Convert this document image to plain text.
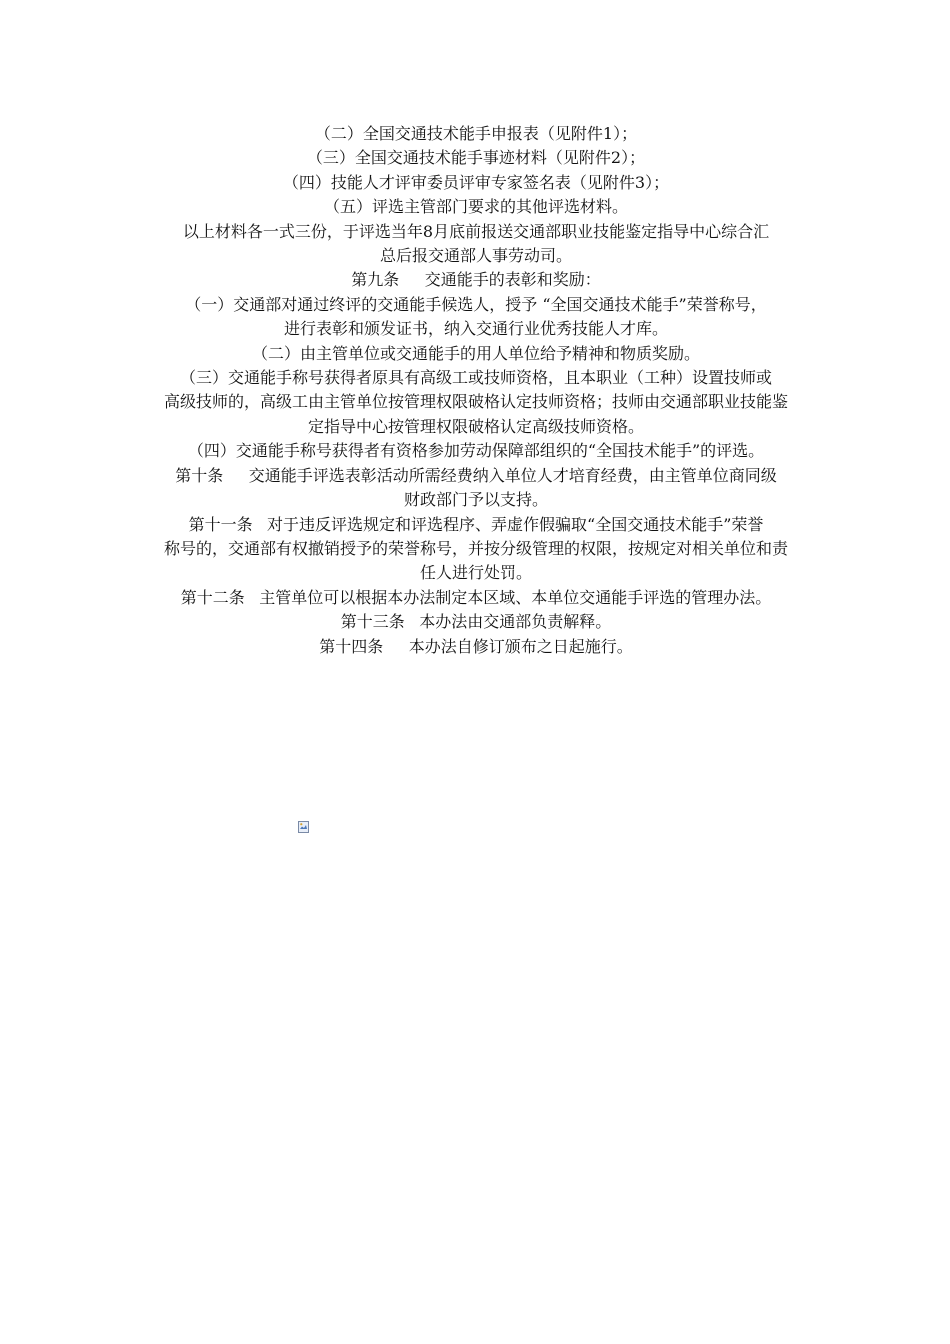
（二）全国交通技术能手申报表（见附件1）；

（三）全国交通技术能手事迹材料（见附件2）；

（四）技能人才评审委员评审专家签名表（见附件3）；

（五）评选主管部门要求的其他评选材料。

以上材料各一式三份，于评选当年8月底前报送交通部职业技能鉴定指导中心综合汇

总后报交通部人事劳动司。

第九条 交通能手的表彰和奖励：

（一）交通部对通过终评的交通能手候选人，授予 “全国交通技术能手”荣誉称号，

进行表彰和颁发证书，纳入交通行业优秀技能人才库。

（二）由主管单位或交通能手的用人单位给予精神和物质奖励。

（三）交通能手称号获得者原具有高级工或技师资格，且本职业（工种）设置技师或

高级技师的，高级工由主管单位按管理权限破格认定技师资格；技师由交通部职业技能鉴

定指导中心按管理权限破格认定高级技师资格。

（四）交通能手称号获得者有资格参加劳动保障部组织的“全国技术能手”的评选。

第十条 交通能手评选表彰活动所需经费纳入单位人才培育经费，由主管单位商同级

财政部门予以支持。

第十一条 对于违反评选规定和评选程序、弄虚作假骗取“全国交通技术能手”荣誉

称号的，交通部有权撤销授予的荣誉称号，并按分级管理的权限，按规定对相关单位和责

任人进行处罚。

第十二条 主管单位可以根据本办法制定本区域、本单位交通能手评选的管理办法。

第十三条 本办法由交通部负责解释。

第十四条 本办法自修订颁布之日起施行。
